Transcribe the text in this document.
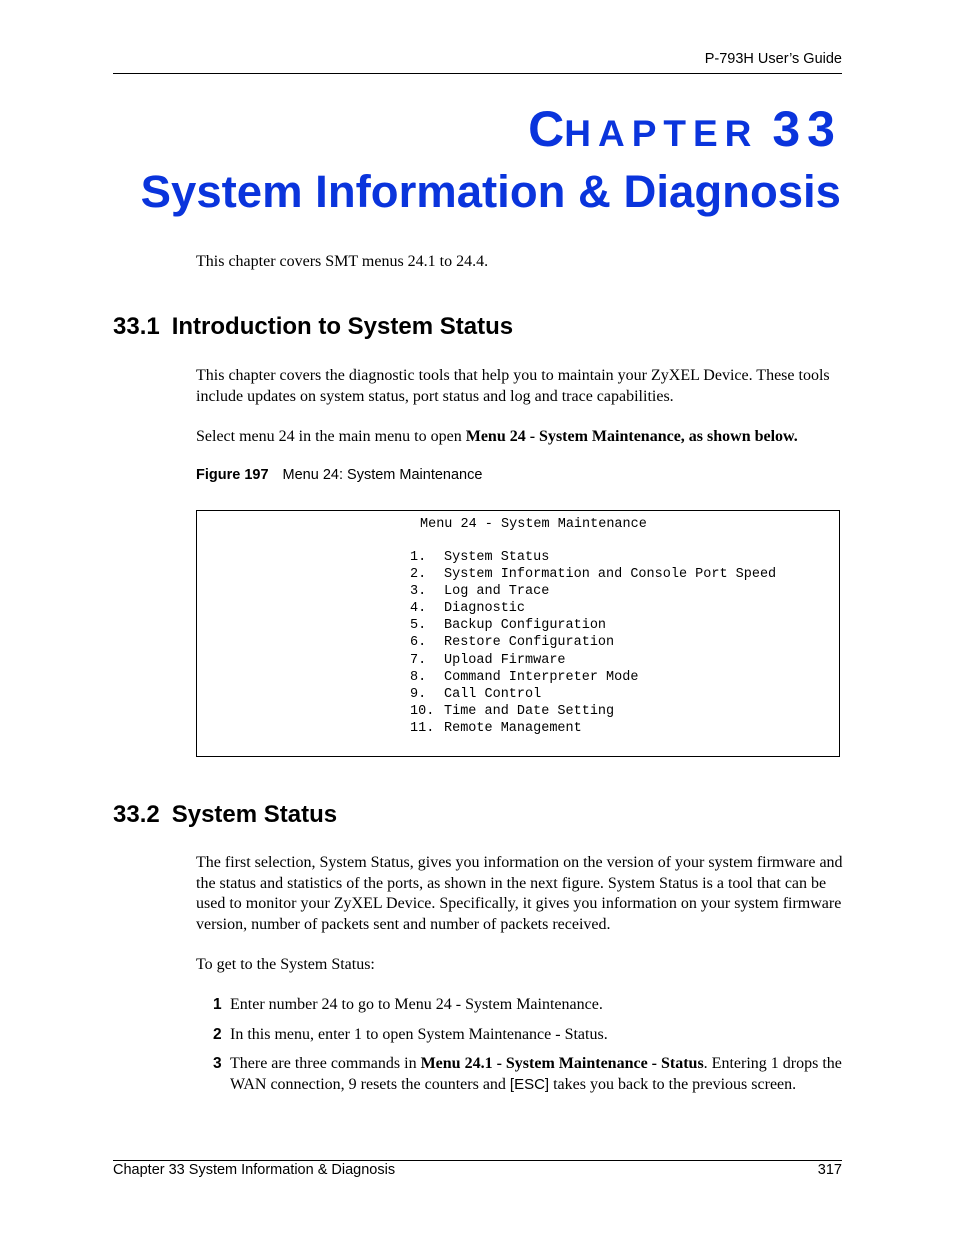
P-793H User’s Guide
CHAPTER 33
System Information & Diagnosis
This chapter covers SMT menus 24.1 to 24.4.
33.1 Introduction to System Status
This chapter covers the diagnostic tools that help you to maintain your ZyXEL Device. These tools include updates on system status, port status and log and trace capabilities.
Select menu 24 in the main menu to open Menu 24 - System Maintenance, as shown below.
Figure 197 Menu 24: System Maintenance
Menu 24 - System Maintenance
1. System Status
2. System Information and Console Port Speed
3. Log and Trace
4. Diagnostic
5. Backup Configuration
6. Restore Configuration
7. Upload Firmware
8. Command Interpreter Mode
9. Call Control
10. Time and Date Setting
11. Remote Management
33.2 System Status
The first selection, System Status, gives you information on the version of your system firmware and the status and statistics of the ports, as shown in the next figure. System Status is a tool that can be used to monitor your ZyXEL Device. Specifically, it gives you information on your system firmware version, number of packets sent and number of packets received.
To get to the System Status:
1 Enter number 24 to go to Menu 24 - System Maintenance.
2 In this menu, enter 1 to open System Maintenance - Status.
3 There are three commands in Menu 24.1 - System Maintenance - Status. Entering 1 drops the WAN connection, 9 resets the counters and [ESC] takes you back to the previous screen.
Chapter 33 System Information & Diagnosis	317
